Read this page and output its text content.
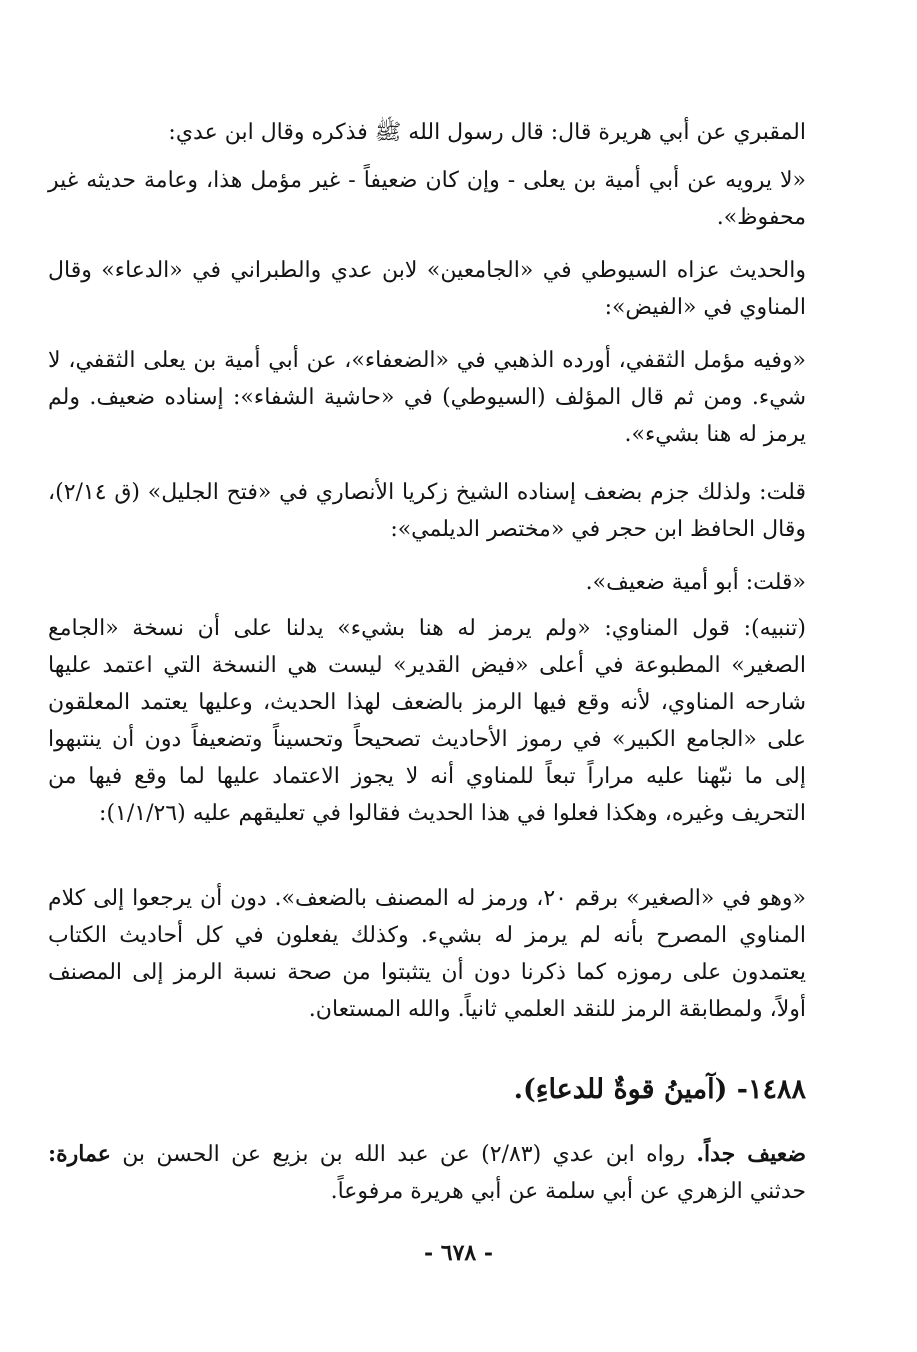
المقبري عن أبي هريرة قال: قال رسول الله ﷺ فذكره وقال ابن عدي:

«لا يرويه عن أبي أمية بن يعلى - وإن كان ضعيفاً - غير مؤمل هذا، وعامة حديثه غير محفوظ».

والحديث عزاه السيوطي في «الجامعين» لابن عدي والطبراني في «الدعاء» وقال المناوي في «الفيض»:

«وفيه مؤمل الثقفي، أورده الذهبي في «الضعفاء»، عن أبي أمية بن يعلى الثقفي، لا شيء. ومن ثم قال المؤلف (السيوطي) في «حاشية الشفاء»: إسناده ضعيف. ولم يرمز له هنا بشيء».

قلت: ولذلك جزم بضعف إسناده الشيخ زكريا الأنصاري في «فتح الجليل» (ق ٢/١٤)، وقال الحافظ ابن حجر في «مختصر الديلمي»:

«قلت: أبو أمية ضعيف».

(تنبيه): قول المناوي: «ولم يرمز له هنا بشيء» يدلنا على أن نسخة «الجامع الصغير» المطبوعة في أعلى «فيض القدير» ليست هي النسخة التي اعتمد عليها شارحه المناوي، لأنه وقع فيها الرمز بالضعف لهذا الحديث، وعليها يعتمد المعلقون على «الجامع الكبير» في رموز الأحاديث تصحيحاً وتحسيناً وتضعيفاً دون أن ينتبهوا إلى ما نبّهنا عليه مراراً تبعاً للمناوي أنه لا يجوز الاعتماد عليها لما وقع فيها من التحريف وغيره، وهكذا فعلوا في هذا الحديث فقالوا في تعليقهم عليه (١/١/٢٦):

«وهو في «الصغير» برقم ٢٠، ورمز له المصنف بالضعف». دون أن يرجعوا إلى كلام المناوي المصرح بأنه لم يرمز له بشيء. وكذلك يفعلون في كل أحاديث الكتاب يعتمدون على رموزه كما ذكرنا دون أن يتثبتوا من صحة نسبة الرمز إلى المصنف أولاً، ولمطابقة الرمز للنقد العلمي ثانياً. والله المستعان.

١٤٨٨- (آمينُ قوةٌ للدعاءِ).

ضعيف جداً. رواه ابن عدي (٢/٨٣) عن عبد الله بن بزيع عن الحسن بن عمارة: حدثني الزهري عن أبي سلمة عن أبي هريرة مرفوعاً.

- ٦٧٨ -
